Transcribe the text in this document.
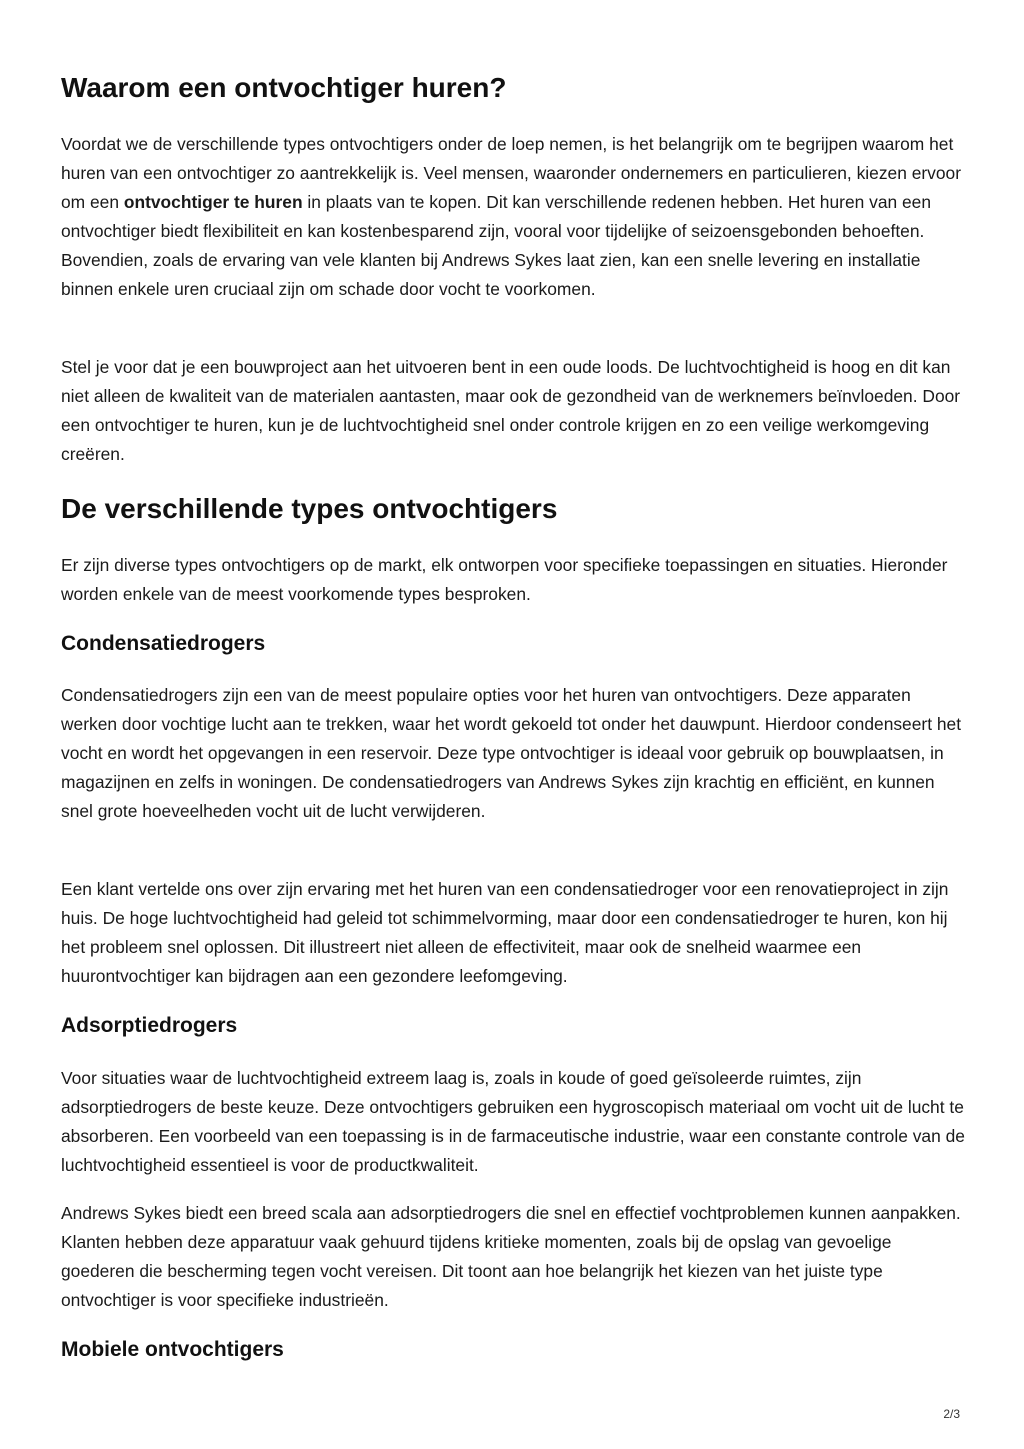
Waarom een ontvochtiger huren?

Voordat we de verschillende types ontvochtigers onder de loep nemen, is het belangrijk om te begrijpen waarom het huren van een ontvochtiger zo aantrekkelijk is. Veel mensen, waaronder ondernemers en particulieren, kiezen ervoor om een ontvochtiger te huren in plaats van te kopen. Dit kan verschillende redenen hebben. Het huren van een ontvochtiger biedt flexibiliteit en kan kostenbesparend zijn, vooral voor tijdelijke of seizoensgebonden behoeften. Bovendien, zoals de ervaring van vele klanten bij Andrews Sykes laat zien, kan een snelle levering en installatie binnen enkele uren cruciaal zijn om schade door vocht te voorkomen.

Stel je voor dat je een bouwproject aan het uitvoeren bent in een oude loods. De luchtvochtigheid is hoog en dit kan niet alleen de kwaliteit van de materialen aantasten, maar ook de gezondheid van de werknemers beïnvloeden. Door een ontvochtiger te huren, kun je de luchtvochtigheid snel onder controle krijgen en zo een veilige werkomgeving creëren.

De verschillende types ontvochtigers

Er zijn diverse types ontvochtigers op de markt, elk ontworpen voor specifieke toepassingen en situaties. Hieronder worden enkele van de meest voorkomende types besproken.

Condensatiedrogers

Condensatiedrogers zijn een van de meest populaire opties voor het huren van ontvochtigers. Deze apparaten werken door vochtige lucht aan te trekken, waar het wordt gekoeld tot onder het dauwpunt. Hierdoor condenseert het vocht en wordt het opgevangen in een reservoir. Deze type ontvochtiger is ideaal voor gebruik op bouwplaatsen, in magazijnen en zelfs in woningen. De condensatiedrogers van Andrews Sykes zijn krachtig en efficiënt, en kunnen snel grote hoeveelheden vocht uit de lucht verwijderen.

Een klant vertelde ons over zijn ervaring met het huren van een condensatiedroger voor een renovatieproject in zijn huis. De hoge luchtvochtigheid had geleid tot schimmelvorming, maar door een condensatiedroger te huren, kon hij het probleem snel oplossen. Dit illustreert niet alleen de effectiviteit, maar ook de snelheid waarmee een huurontvochtiger kan bijdragen aan een gezondere leefomgeving.

Adsorptiedrogers

Voor situaties waar de luchtvochtigheid extreem laag is, zoals in koude of goed geïsoleerde ruimtes, zijn adsorptiedrogers de beste keuze. Deze ontvochtigers gebruiken een hygroscopisch materiaal om vocht uit de lucht te absorberen. Een voorbeeld van een toepassing is in de farmaceutische industrie, waar een constante controle van de luchtvochtigheid essentieel is voor de productkwaliteit.

Andrews Sykes biedt een breed scala aan adsorptiedrogers die snel en effectief vochtproblemen kunnen aanpakken. Klanten hebben deze apparatuur vaak gehuurd tijdens kritieke momenten, zoals bij de opslag van gevoelige goederen die bescherming tegen vocht vereisen. Dit toont aan hoe belangrijk het kiezen van het juiste type ontvochtiger is voor specifieke industrieën.

Mobiele ontvochtigers
2/3
